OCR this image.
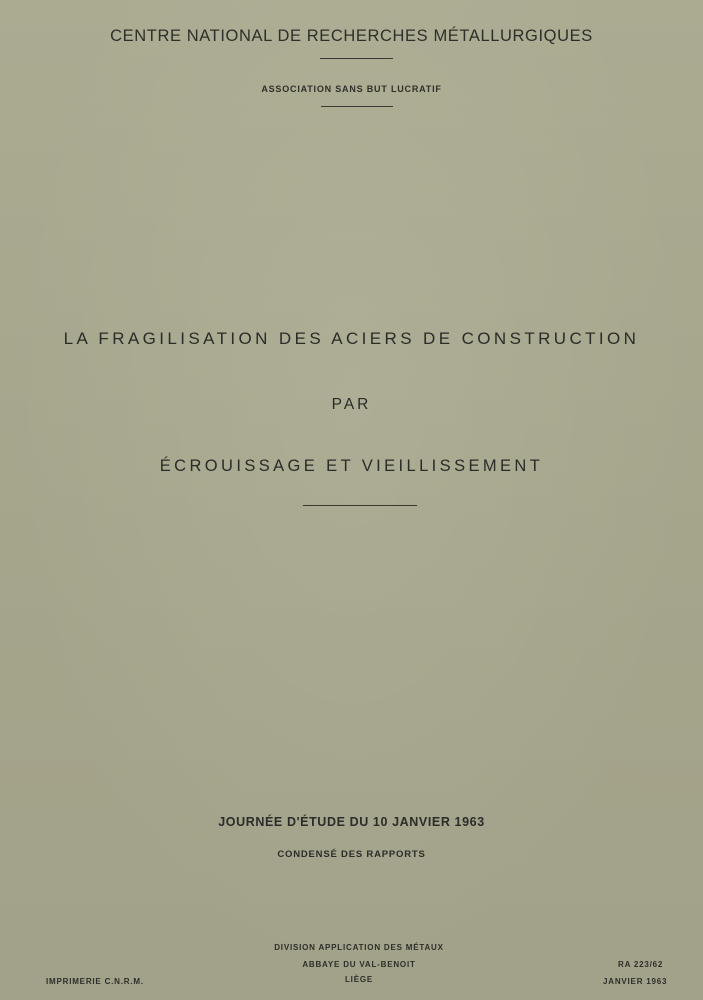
CENTRE NATIONAL DE RECHERCHES MÉTALLURGIQUES
ASSOCIATION SANS BUT LUCRATIF
LA FRAGILISATION DES ACIERS DE CONSTRUCTION
PAR
ÉCROUISSAGE ET VIEILLISSEMENT
JOURNÉE D'ÉTUDE DU 10 JANVIER 1963
CONDENSÉ DES RAPPORTS
DIVISION APPLICATION DES MÉTAUX
ABBAYE DU VAL-BENOIT
LIÈGE
IMPRIMERIE C.N.R.M.
RA 223/62
JANVIER 1963
